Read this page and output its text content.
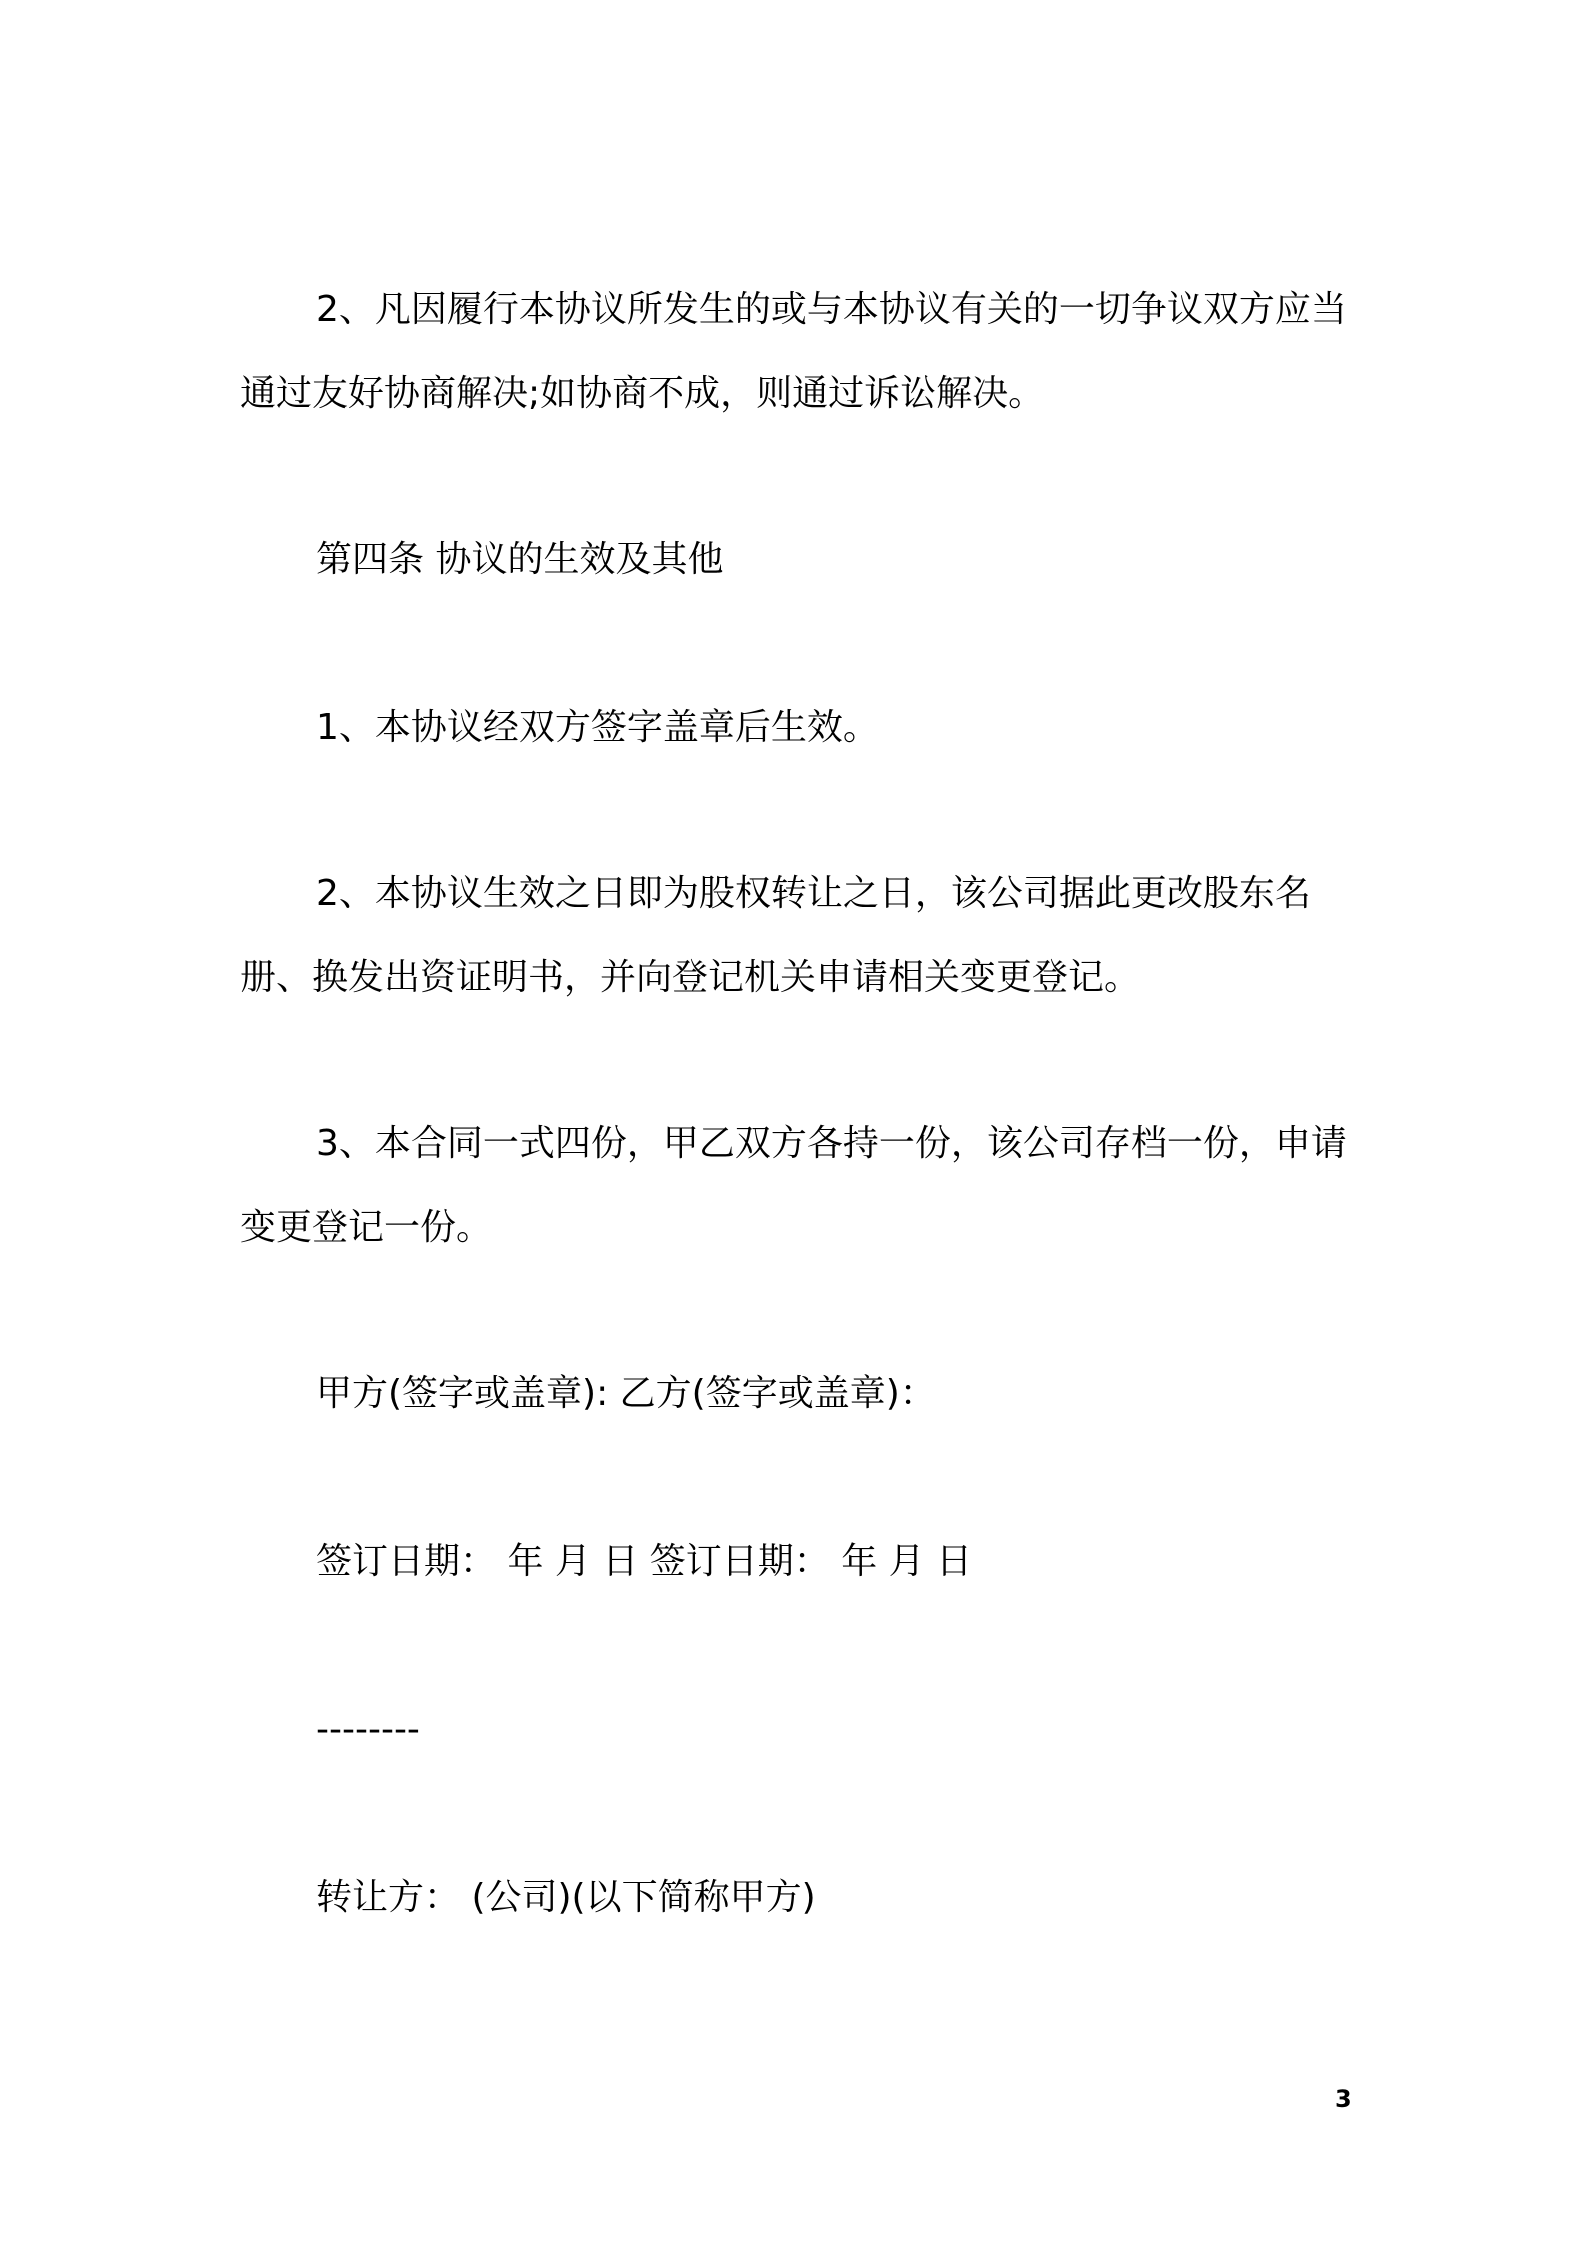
2、凡因履行本协议所发生的或与本协议有关的一切争议双方应当通过友好协商解决;如协商不成，则通过诉讼解决。

第四条 协议的生效及其他

1、本协议经双方签字盖章后生效。

2、本协议生效之日即为股权转让之日，该公司据此更改股东名册、换发出资证明书，并向登记机关申请相关变更登记。

3、本合同一式四份，甲乙双方各持一份，该公司存档一份，申请变更登记一份。

甲方(签字或盖章): 乙方(签字或盖章)：

签订日期： 年 月 日 签订日期： 年 月 日

--------

转让方： (公司)(以下简称甲方)

3
